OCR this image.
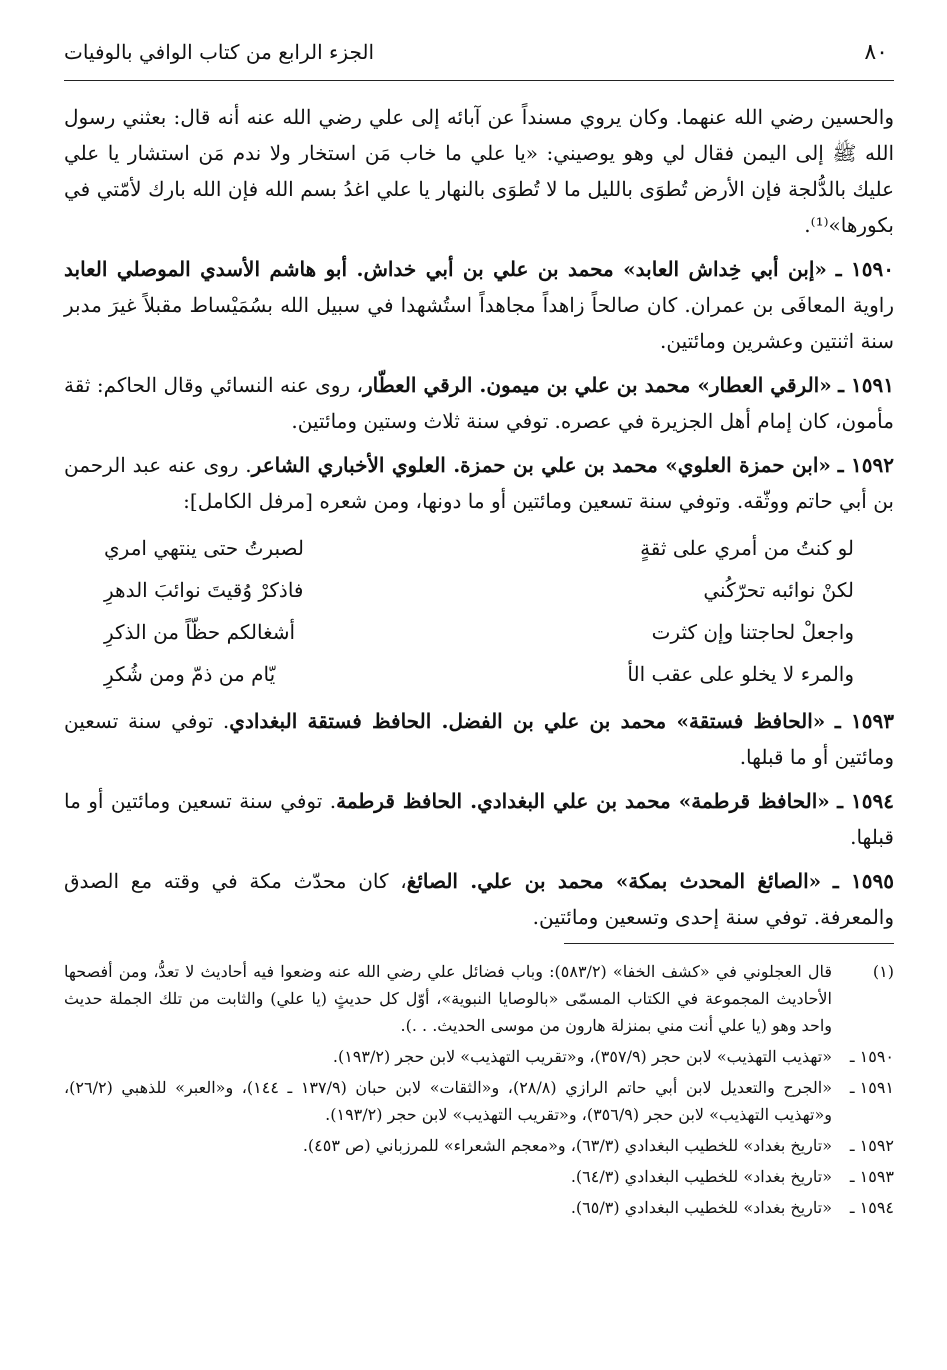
٨٠
الجزء الرابع من كتاب الوافي بالوفيات

والحسين رضي الله عنهما. وكان يروي مسنداً عن آبائه إلى علي رضي الله عنه أنه قال: بعثني رسول الله ﷺ إلى اليمن فقال لي وهو يوصيني: «يا علي ما خاب مَن استخار ولا ندم مَن استشار يا علي عليك بالدُّلجة فإن الأرض تُطوَى بالليل ما لا تُطوَى بالنهار يا علي اغدُ بسم الله فإن الله بارك لأمّتي في بكورها»⁽¹⁾.

١٥٩٠ ـ «إبن أبي خِداش العابد» محمد بن علي بن أبي خداش. أبو هاشم الأسدي الموصلي العابد راوية المعافَى بن عمران. كان صالحاً زاهداً مجاهداً استُشهدا في سبيل الله بسُمَيْساط مقبلاً غيرَ مدبر سنة اثنتين وعشرين ومائتين.

١٥٩١ ـ «الرقي العطار» محمد بن علي بن ميمون. الرقي العطّار، روى عنه النسائي وقال الحاكم: ثقة مأمون، كان إمام أهل الجزيرة في عصره. توفي سنة ثلاث وستين ومائتين.

١٥٩٢ ـ «ابن حمزة العلوي» محمد بن علي بن حمزة. العلوي الأخباري الشاعر. روى عنه عبد الرحمن بن أبي حاتم ووثّقه. وتوفي سنة تسعين ومائتين أو ما دونها، ومن شعره [مرفل الكامل]:

لو كنتُ من أمري على ثقةٍ
لصبرتُ حتى ينتهي امري
لكنْ نوائبه تحرّكُني
فاذكرْ وُقيتَ نوائبَ الدهرِ
واجعلْ لحاجتنا وإن كثرت
أشغالكم حظّاً من الذكرِ
والمرء لا يخلو على عقب الأ
يّام من ذمّ ومن شُكرِ

١٥٩٣ ـ «الحافظ فستقة» محمد بن علي بن الفضل. الحافظ فستقة البغدادي. توفي سنة تسعين ومائتين أو ما قبلها.

١٥٩٤ ـ «الحافظ قرطمة» محمد بن علي البغدادي. الحافظ قرطمة. توفي سنة تسعين ومائتين أو ما قبلها.

١٥٩٥ ـ «الصائغ المحدث بمكة» محمد بن علي. الصائغ، كان محدّث مكة في وقته مع الصدق والمعرفة. توفي سنة إحدى وتسعين ومائتين.

(١)
قال العجلوني في «كشف الخفا» (٥٨٣/٢): وباب فضائل علي رضي الله عنه وضعوا فيه أحاديث لا تعدُّ، ومن أفصحها الأحاديث المجموعة في الكتاب المسمّى «بالوصايا النبوية»، أوّل كل حديثٍ (يا علي) والثابت من تلك الجملة حديث واحد وهو (يا علي أنت مني بمنزلة هارون من موسى الحديث. . .).
١٥٩٠ ـ
«تهذيب التهذيب» لابن حجر (٣٥٧/٩)، و«تقريب التهذيب» لابن حجر (١٩٣/٢).
١٥٩١ ـ
«الجرح والتعديل لابن أبي حاتم الرازي (٢٨/٨)، و«الثقات» لابن حبان (١٣٧/٩ ـ ١٤٤)، و«العبر» للذهبي (٢٦/٢)، و«تهذيب التهذيب» لابن حجر (٣٥٦/٩)، و«تقريب التهذيب» لابن حجر (١٩٣/٢).
١٥٩٢ ـ
«تاريخ بغداد» للخطيب البغدادي (٦٣/٣)، و«معجم الشعراء» للمرزباني (ص ٤٥٣).
١٥٩٣ ـ
«تاريخ بغداد» للخطيب البغدادي (٦٤/٣).
١٥٩٤ ـ
«تاريخ بغداد» للخطيب البغدادي (٦٥/٣).
